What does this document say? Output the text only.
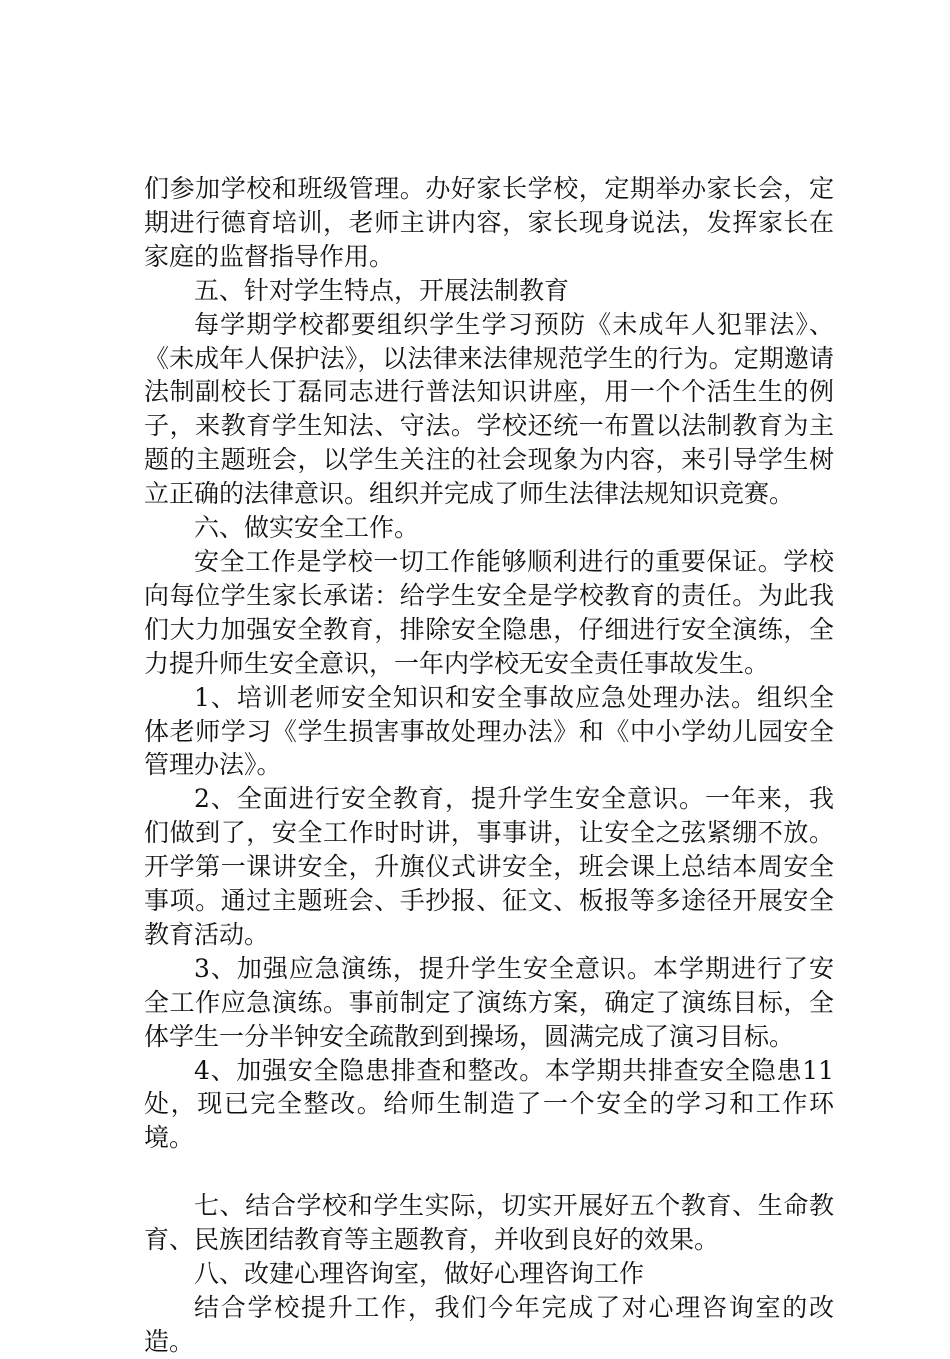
们参加学校和班级管理。办好家长学校，定期举办家长会，定期进行德育培训，老师主讲内容，家长现身说法，发挥家长在家庭的监督指导作用。

五、针对学生特点，开展法制教育

每学期学校都要组织学生学习预防《未成年人犯罪法》、《未成年人保护法》，以法律来法律规范学生的行为。定期邀请法制副校长丁磊同志进行普法知识讲座，用一个个活生生的例子，来教育学生知法、守法。学校还统一布置以法制教育为主题的主题班会，以学生关注的社会现象为内容，来引导学生树立正确的法律意识。组织并完成了师生法律法规知识竞赛。

六、做实安全工作。

安全工作是学校一切工作能够顺利进行的重要保证。学校向每位学生家长承诺：给学生安全是学校教育的责任。为此我们大力加强安全教育，排除安全隐患，仔细进行安全演练，全力提升师生安全意识，一年内学校无安全责任事故发生。

1、培训老师安全知识和安全事故应急处理办法。组织全体老师学习《学生损害事故处理办法》和《中小学幼儿园安全管理办法》。

2、全面进行安全教育，提升学生安全意识。一年来，我们做到了，安全工作时时讲，事事讲，让安全之弦紧绷不放。开学第一课讲安全，升旗仪式讲安全，班会课上总结本周安全事项。通过主题班会、手抄报、征文、板报等多途径开展安全教育活动。

3、加强应急演练，提升学生安全意识。本学期进行了安全工作应急演练。事前制定了演练方案，确定了演练目标，全体学生一分半钟安全疏散到到操场，圆满完成了演习目标。

4、加强安全隐患排查和整改。本学期共排查安全隐患11处，现已完全整改。给师生制造了一个安全的学习和工作环境。

七、结合学校和学生实际，切实开展好五个教育、生命教育、民族团结教育等主题教育，并收到良好的效果。

八、改建心理咨询室，做好心理咨询工作

结合学校提升工作，我们今年完成了对心理咨询室的改造。
